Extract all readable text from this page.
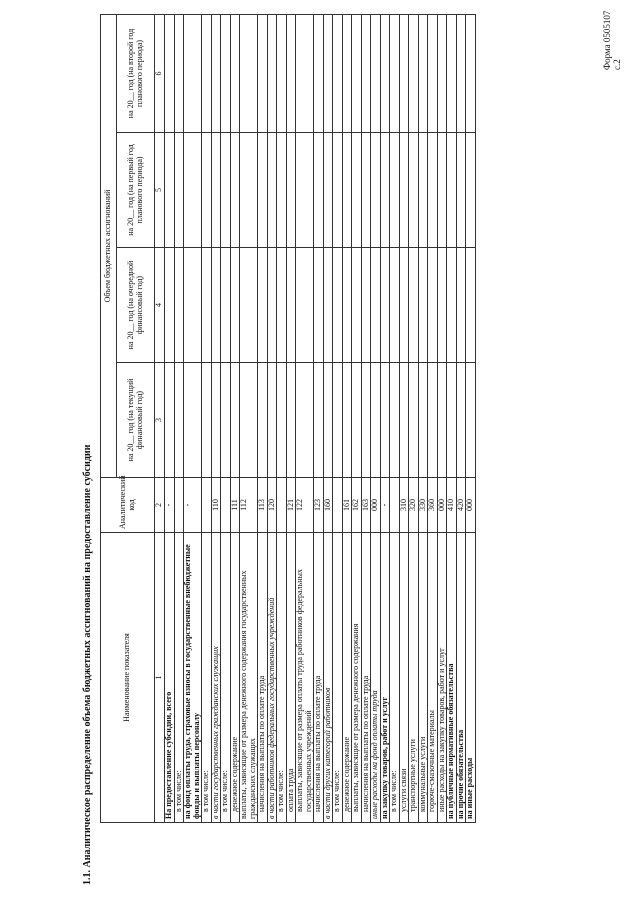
Форма 0505107 с.2
1.1. Аналитическое распределение объема бюджетных ассигнований на предоставление субсидии	Наименование показателя	Аналитический код	Объем бюджетных ассигнований			
		на 20__ год (на текущий финансовый год)	на 20__ год (на очередной финансовый год)	на 20__ год (на первый год планового периода)	на 20__ год (на второй год планового периода)
1	2	3	4	5	6
На предоставление субсидии, всего	-				
в том числе:					
на фонд оплаты труда, страховые взносы в государственные внебюджетные фонды и выплаты персоналу	-				
в том числе:					
в части государственных гражданских служащих	110				
в том числе:					
денежное содержание	111				
выплаты, зависящие от размера денежного содержания государственных гражданских служащих	112				
начисления на выплаты по оплате труда	113				
в части работников федеральных государственных учреждений	120				
в том числе:					
оплата труда	121				
выплаты, зависящие от размера оплаты труда работников федеральных государственных учреждений	122				
начисления на выплаты по оплате труда	123				
в части других категорий работников	160				
в том числе:					
денежное содержание	161				
выплаты, зависящие от размера денежного содержания	162				
начисления на выплаты по оплате труда	163				
иные расходы на фонд оплаты труда	000				
на закупку товаров, работ и услуг	-				
в том числе:					
услуги связи	310				
транспортные услуги	320				
коммунальные услуги	330				
горюче-смазочные материалы	360				
иные расходы на закупку товаров, работ и услуг	000				
на публичные нормативные обязательства	410				
на прочие обязательства	420				
на иные расходы	000				
